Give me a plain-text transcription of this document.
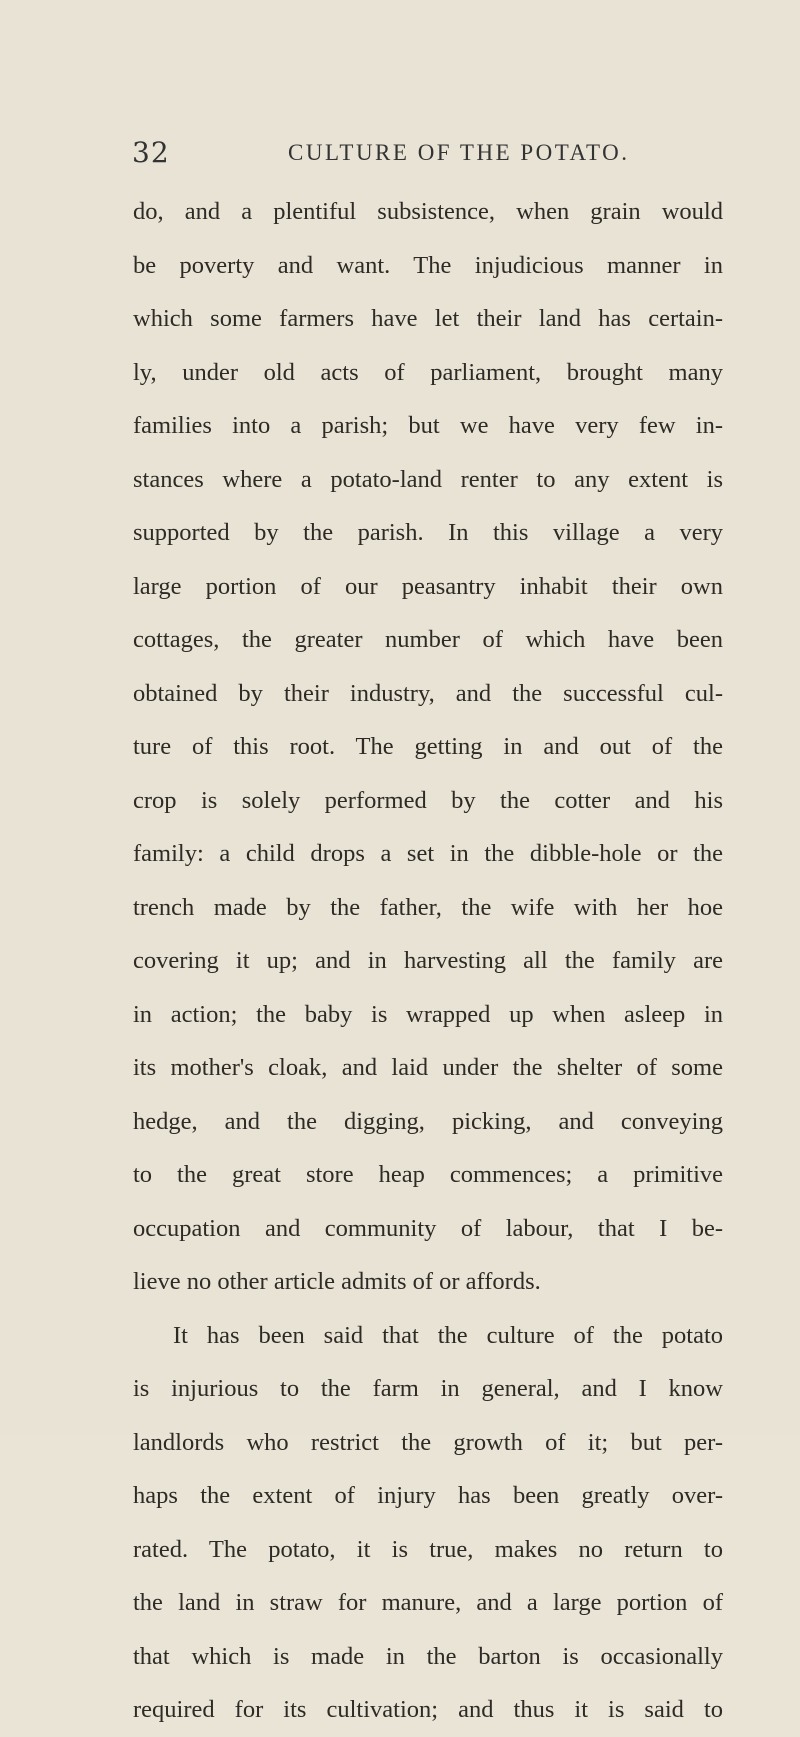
32	CULTURE OF THE POTATO.
do, and a plentiful subsistence, when grain would
be poverty and want. The injudicious manner in
which some farmers have let their land has certain-
ly, under old acts of parliament, brought many
families into a parish; but we have very few in-
stances where a potato-land renter to any extent is
supported by the parish. In this village a very
large portion of our peasantry inhabit their own
cottages, the greater number of which have been
obtained by their industry, and the successful cul-
ture of this root. The getting in and out of the
crop is solely performed by the cotter and his
family: a child drops a set in the dibble-hole or the
trench made by the father, the wife with her hoe
covering it up; and in harvesting all the family are
in action; the baby is wrapped up when asleep in
its mother's cloak, and laid under the shelter of some
hedge, and the digging, picking, and conveying
to the great store heap commences; a primitive
occupation and community of labour, that I be-
lieve no other article admits of or affords.
It has been said that the culture of the potato
is injurious to the farm in general, and I know
landlords who restrict the growth of it; but per-
haps the extent of injury has been greatly over-
rated. The potato, it is true, makes no return to
the land in straw for manure, and a large portion of
that which is made in the barton is occasionally
required for its cultivation; and thus it is said to
